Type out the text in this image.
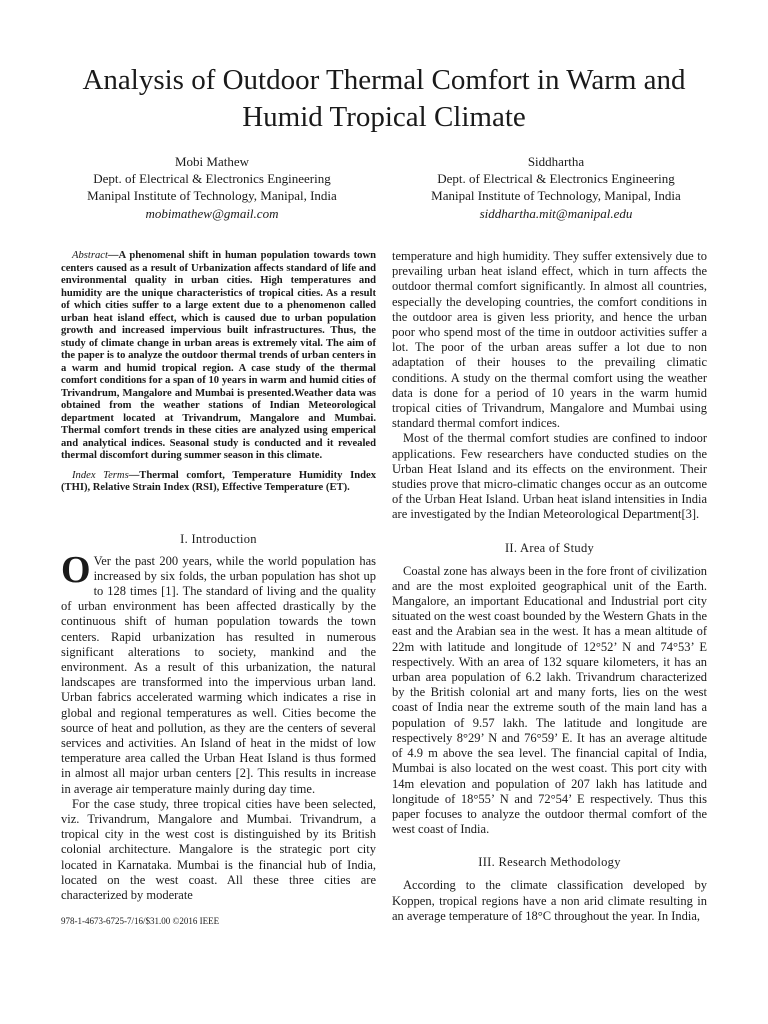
Analysis of Outdoor Thermal Comfort in Warm and
Humid Tropical Climate
Mobi Mathew
Dept. of Electrical & Electronics Engineering
Manipal Institute of Technology, Manipal, India
mobimathew@gmail.com
Siddhartha
Dept. of Electrical & Electronics Engineering
Manipal Institute of Technology, Manipal, India
siddhartha.mit@manipal.edu

Abstract—A phenomenal shift in human population towards town centers caused as a result of Urbanization affects standard of life and environmental quality in urban cities. High temperatures and humidity are the unique characteristics of tropical cities. As a result of which cities suffer to a large extent due to a phenomenon called urban heat island effect, which is caused due to urban population growth and increased impervious built infrastructures. Thus, the study of climate change in urban areas is extremely vital. The aim of the paper is to analyze the outdoor thermal trends of urban centers in a warm and humid tropical region. A case study of the thermal comfort conditions for a span of 10 years in warm and humid cities of Trivandrum, Mangalore and Mumbai is presented.Weather data was obtained from the weather stations of Indian Meteorological department located at Trivandrum, Mangalore and Mumbai. Thermal comfort trends in these cities are analyzed using emperical and analytical indices. Seasonal study is conducted and it revealed thermal discomfort during summer season in this climate.

Index Terms—Thermal comfort, Temperature Humidity Index (THI), Relative Strain Index (RSI), Effective Temperature (ET).

I. Introduction

O Ver the past 200 years, while the world population has increased by six folds, the urban population has shot up to 128 times [1]. The standard of living and the quality of urban environment has been affected drastically by the continuous shift of human population towards the town centers. Rapid urbanization has resulted in numerous significant alterations to society, mankind and the environment. As a result of this urbanization, the natural landscapes are transformed into the impervious urban land. Urban fabrics accelerated warming which indicates a rise in global and regional temperatures as well. Cities become the source of heat and pollution, as they are the centers of several services and activities. An Island of heat in the midst of low temperature area called the Urban Heat Island is thus formed in almost all major urban centers [2]. This results in increase in average air temperature mainly during day time.

For the case study, three tropical cities have been selected, viz. Trivandrum, Mangalore and Mumbai. Trivandrum, a tropical city in the west cost is distinguished by its British colonial architecture. Mangalore is the strategic port city located in Karnataka. Mumbai is the financial hub of India, located on the west coast. All these three cities are characterized by moderate

temperature and high humidity. They suffer extensively due to prevailing urban heat island effect, which in turn affects the outdoor thermal comfort significantly. In almost all countries, especially the developing countries, the comfort conditions in the outdoor area is given less priority, and hence the urban poor who spend most of the time in outdoor activities suffer a lot. The poor of the urban areas suffer a lot due to non adaptation of their houses to the prevailing climatic conditions. A study on the thermal comfort using the weather data is done for a period of 10 years in the warm humid tropical cities of Trivandrum, Mangalore and Mumbai using standard thermal comfort indices.

Most of the thermal comfort studies are confined to indoor applications. Few researchers have conducted studies on the Urban Heat Island and its effects on the environment. Their studies prove that micro-climatic changes occur as an outcome of the Urban Heat Island. Urban heat island intensities in India are investigated by the Indian Meteorological Department[3].

II. Area of Study

Coastal zone has always been in the fore front of civilization and are the most exploited geographical unit of the Earth. Mangalore, an important Educational and Industrial port city situated on the west coast bounded by the Western Ghats in the east and the Arabian sea in the west. It has a mean altitude of 22m with latitude and longitude of 12°52’ N and 74°53’ E respectively. With an area of 132 square kilometers, it has an urban area population of 6.2 lakh. Trivandrum characterized by the British colonial art and many forts, lies on the west coast of India near the extreme south of the main land has a population of 9.57 lakh. The latitude and longitude are respectively 8°29’ N and 76°59’ E. It has an average altitude of 4.9 m above the sea level. The financial capital of India, Mumbai is also located on the west coast. This port city with 14m elevation and population of 207 lakh has latitude and longitude of 18°55’ N and 72°54’ E respectively. Thus this paper focuses to analyze the outdoor thermal comfort of the west coast of India.

III. Research Methodology

According to the climate classification developed by Koppen, tropical regions have a non arid climate resulting in an average temperature of 18°C throughout the year. In India,

978-1-4673-6725-7/16/$31.00 ©2016 IEEE
